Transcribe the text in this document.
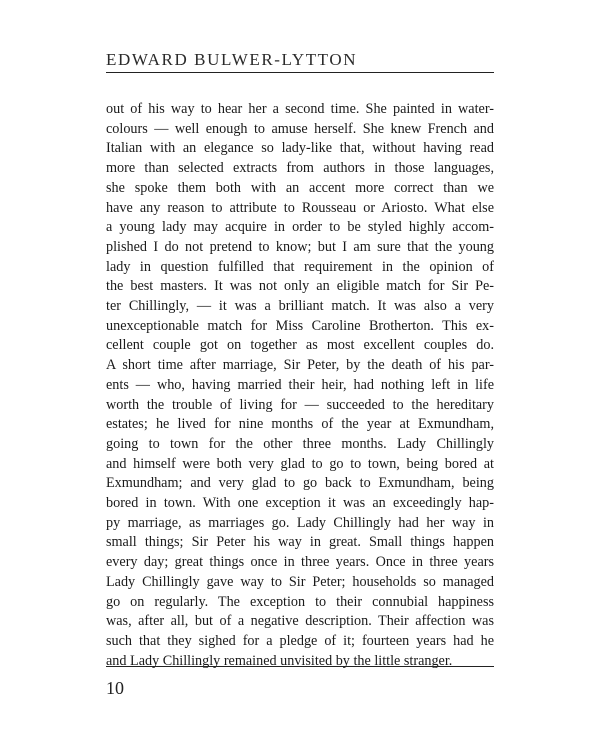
EDWARD BULWER-LYTTON
out of his way to hear her a second time. She painted in water-
colours — well enough to amuse herself. She knew French and
Italian with an elegance so lady-like that, without having read
more than selected extracts from authors in those languages,
she spoke them both with an accent more correct than we
have any reason to attribute to Rousseau or Ariosto. What else
a young lady may acquire in order to be styled highly accom-
plished I do not pretend to know; but I am sure that the young
lady in question fulfilled that requirement in the opinion of
the best masters. It was not only an eligible match for Sir Pe-
ter Chillingly, — it was a brilliant match. It was also a very
unexceptionable match for Miss Caroline Brotherton. This ex-
cellent couple got on together as most excellent couples do.
A short time after marriage, Sir Peter, by the death of his par-
ents — who, having married their heir, had nothing left in life
worth the trouble of living for — succeeded to the hereditary
estates; he lived for nine months of the year at Exmundham,
going to town for the other three months. Lady Chillingly
and himself were both very glad to go to town, being bored at
Exmundham; and very glad to go back to Exmundham, being
bored in town. With one exception it was an exceedingly hap-
py marriage, as marriages go. Lady Chillingly had her way in
small things; Sir Peter his way in great. Small things happen
every day; great things once in three years. Once in three years
Lady Chillingly gave way to Sir Peter; households so managed
go on regularly. The exception to their connubial happiness
was, after all, but of a negative description. Their affection was
such that they sighed for a pledge of it; fourteen years had he
and Lady Chillingly remained unvisited by the little stranger.
10
